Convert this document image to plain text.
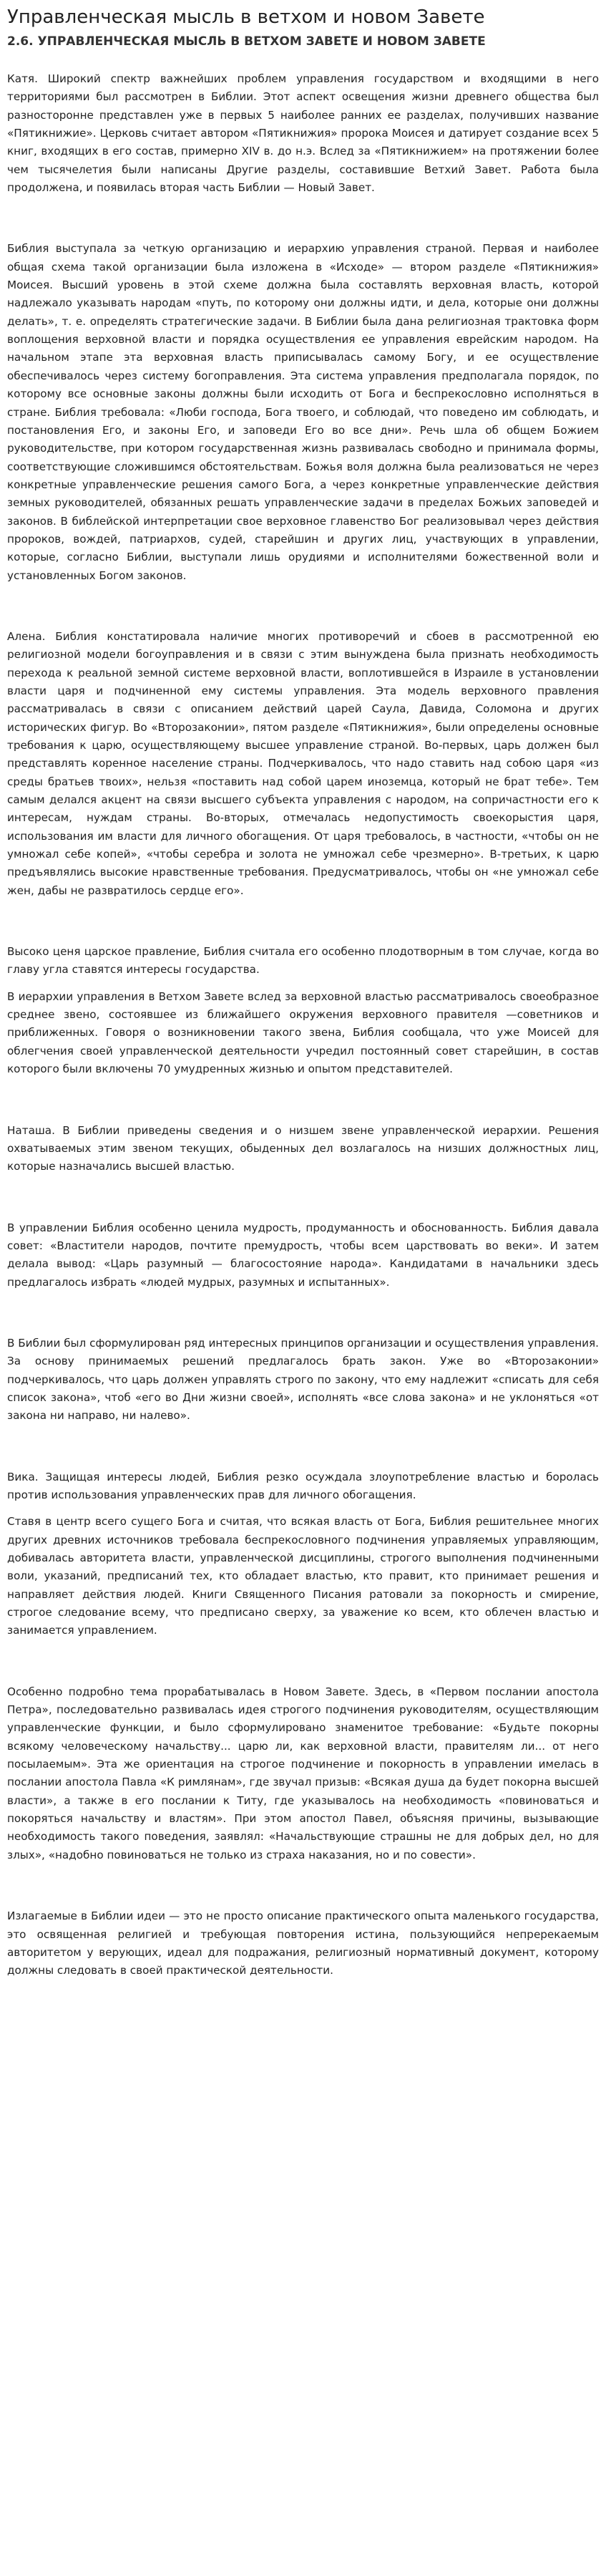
Управленческая мысль в ветхом и новом Завете
2.6. УПРАВЛЕНЧЕСКАЯ МЫСЛЬ В ВЕТХОМ ЗАВЕТЕ И НОВОМ ЗАВЕТЕ

Катя. Широкий спектр важнейших проблем управления государством и входящими в него территориями был рассмотрен в Библии. Этот аспект освещения жизни древнего общества был разносторонне представлен уже в первых 5 наиболее ранних ее разделах, получивших название «Пятикнижие». Церковь считает автором «Пятикнижия» пророка Моисея и датирует создание всех 5 книг, входящих в его состав, примерно XIV в. до н.э. Вслед за «Пятикнижием» на протяжении более чем тысячелетия были написаны Другие разделы, составившие Ветхий Завет. Работа была продолжена, и появилась вторая часть Библии — Новый Завет.

Библия выступала за четкую организацию и иерархию управления страной. Первая и наиболее общая схема такой организации была изложена в «Исходе» — втором разделе «Пятикнижия» Моисея. Высший уровень в этой схеме должна была составлять верховная власть, которой надлежало указывать народам «путь, по которому они должны идти, и дела, которые они должны делать», т. е. определять стратегические задачи. В Библии была дана религиозная трактовка форм воплощения верховной власти и порядка осуществления ее управления еврейским народом. На начальном этапе эта верховная власть приписывалась самому Богу, и ее осуществление обеспечивалось через систему богоправления. Эта система управления предполагала порядок, по которому все основные законы должны были исходить от Бога и беспрекословно исполняться в стране. Библия требовала: «Люби господа, Бога твоего, и соблюдай, что поведено им соблюдать, и постановления Его, и законы Его, и заповеди Его во все дни». Речь шла об общем Божием руководительстве, при котором государственная жизнь развивалась свободно и принимала формы, соответствующие сложившимся обстоятельствам. Божья воля должна была реализоваться не через конкретные управленческие решения самого Бога, а через конкретные управленческие действия земных руководителей, обязанных решать управленческие задачи в пределах Божьих заповедей и законов. В библейской интерпретации свое верховное главенство Бог реализовывал через действия пророков, вождей, патриархов, судей, старейшин и других лиц, участвующих в управлении, которые, согласно Библии, выступали лишь орудиями и исполнителями божественной воли и установленных Богом законов.

Алена. Библия констатировала наличие многих противоречий и сбоев в рассмотренной ею религиозной модели богоуправления и в связи с этим вынуждена была признать необходимость перехода к реальной земной системе верховной власти, воплотившейся в Израиле в установлении власти царя и подчиненной ему системы управления. Эта модель верховного правления рассматривалась в связи с описанием действий царей Саула, Давида, Соломона и других исторических фигур. Во «Второзаконии», пятом разделе «Пятикнижия», были определены основные требования к царю, осуществляющему высшее управление страной. Во-первых, царь должен был представлять коренное население страны. Подчеркивалось, что надо ставить над собою царя «из среды братьев твоих», нельзя «поставить над собой царем иноземца, который не брат тебе». Тем самым делался акцент на связи высшего субъекта управления с народом, на сопричастности его к интересам, нуждам страны. Во-вторых, отмечалась недопустимость своекорыстия царя, использования им власти для личного обогащения. От царя требовалось, в частности, «чтобы он не умножал себе копей», «чтобы серебра и золота не умножал себе чрезмерно». В-третьих, к царю предъявлялись высокие нравственные требования. Предусматривалось, чтобы он «не умножал себе жен, дабы не развратилось сердце его».

Высоко ценя царское правление, Библия считала его особенно плодотворным в том случае, когда во главу угла ставятся интересы государства.

В иерархии управления в Ветхом Завете вслед за верховной властью рассматривалось своеобразное среднее звено, состоявшее из ближайшего окружения верховного правителя —советников и приближенных. Говоря о возникновении такого звена, Библия сообщала, что уже Моисей для облегчения своей управленческой деятельности учредил постоянный совет старейшин, в состав которого были включены 70 умудренных жизнью и опытом представителей.

Наташа. В Библии приведены сведения и о низшем звене управленческой иерархии. Решения охватываемых этим звеном текущих, обыденных дел возлагалось на низших должностных лиц, которые назначались высшей властью.

В управлении Библия особенно ценила мудрость, продуманность и обоснованность. Библия давала совет: «Властители народов, почтите премудрость, чтобы всем царствовать во веки». И затем делала вывод: «Царь разумный — благосостояние народа». Кандидатами в начальники здесь предлагалось избрать «людей мудрых, разумных и испытанных».

В Библии был сформулирован ряд интересных принципов организации и осуществления управления. За основу принимаемых решений предлагалось брать закон. Уже во «Второзаконии» подчеркивалось, что царь должен управлять строго по закону, что ему надлежит «списать для себя список закона», чтоб «его во Дни жизни своей», исполнять «все слова закона» и не уклоняться «от закона ни направо, ни налево».

Вика. Защищая интересы людей, Библия резко осуждала злоупотребление властью и боролась против использования управленческих прав для личного обогащения.

Ставя в центр всего сущего Бога и считая, что всякая власть от Бога, Библия решительнее многих других древних источников требовала беспрекословного подчинения управляемых управляющим, добивалась авторитета власти, управленческой дисциплины, строгого выполнения подчиненными воли, указаний, предписаний тех, кто обладает властью, кто правит, кто принимает решения и направляет действия людей. Книги Священного Писания ратовали за покорность и смирение, строгое следование всему, что предписано сверху, за уважение ко всем, кто облечен властью и занимается управлением.

Особенно подробно тема прорабатывалась в Новом Завете. Здесь, в «Первом послании апостола Петра», последовательно развивалась идея строгого подчинения руководителям, осуществляющим управленческие функции, и было сформулировано знаменитое требование: «Будьте покорны всякому человеческому начальству... царю ли, как верховной власти, правителям ли... от него посылаемым». Эта же ориентация на строгое подчинение и покорность в управлении имелась в послании апостола Павла «К римлянам», где звучал призыв: «Всякая душа да будет покорна высшей власти», а также в его послании к Титу, где указывалось на необходимость «повиноваться и покоряться начальству и властям». При этом апостол Павел, объясняя причины, вызывающие необходимость такого поведения, заявлял: «Начальствующие страшны не для добрых дел, но для злых», «надобно повиноваться не только из страха наказания, но и по совести».

Излагаемые в Библии идеи — это не просто описание практического опыта маленького государства, это освященная религией и требующая повторения истина, пользующийся непререкаемым авторитетом у верующих, идеал для подражания, религиозный нормативный документ, которому должны следовать в своей практической деятельности.
